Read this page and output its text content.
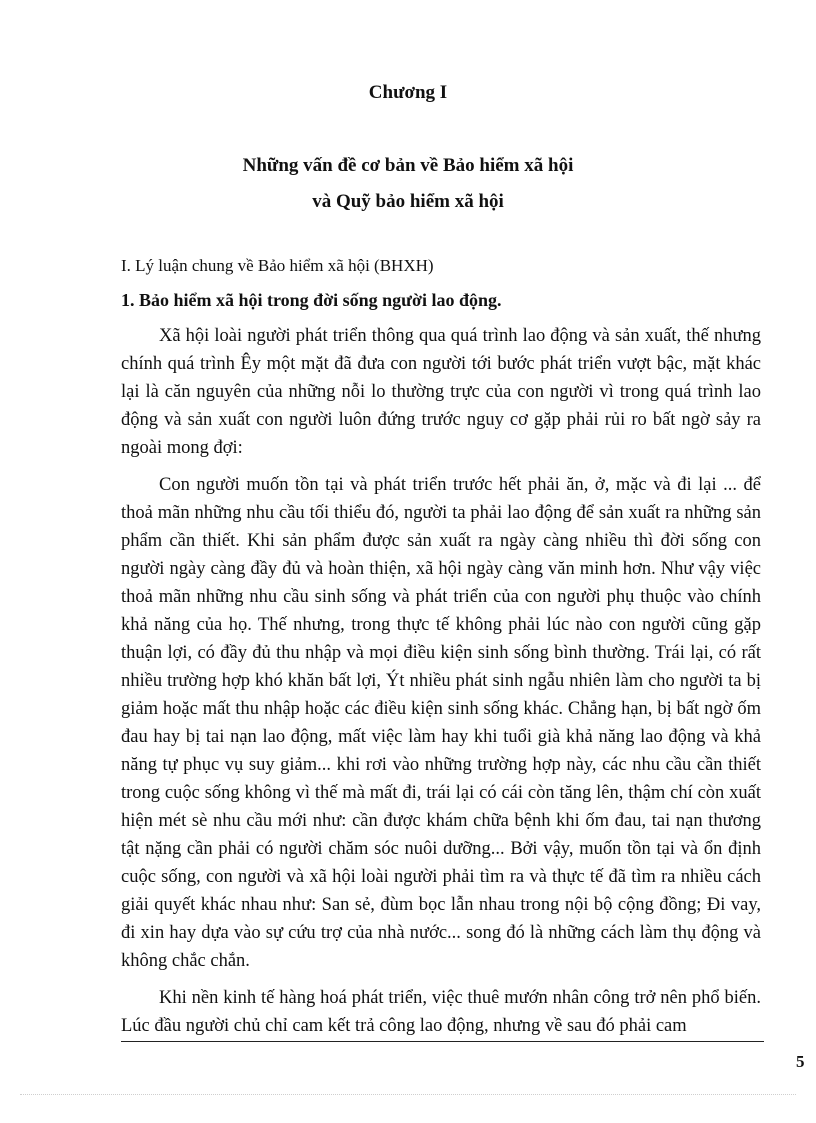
Chương I
Những vấn đề cơ bản về Bảo hiểm xã hội
và Quỹ bảo hiểm xã hội
I. Lý luận chung về Bảo hiểm xã hội (BHXH)
1. Bảo hiểm xã hội trong đời sống người lao động.

Xã hội loài người phát triển thông qua quá trình lao động và sản xuất, thế nhưng chính quá trình Êy một mặt đã đưa con người tới bước phát triển vượt bậc, mặt khác lại là căn nguyên của những nỗi lo thường trực của con người vì trong quá trình lao động và sản xuất con người luôn đứng trước nguy cơ gặp phải rủi ro bất ngờ sảy ra ngoài mong đợi:

Con người muốn tồn tại và phát triển trước hết phải ăn, ở, mặc và đi lại ... để thoả mãn những nhu cầu tối thiểu đó, người ta phải lao động để sản xuất ra những sản phẩm cần thiết. Khi sản phẩm được sản xuất ra ngày càng nhiều thì đời sống con người ngày càng đầy đủ và hoàn thiện, xã hội ngày càng văn minh hơn. Như vậy việc thoả mãn những nhu cầu sinh sống và phát triển của con người phụ thuộc vào chính khả năng của họ. Thế nhưng, trong thực tế không phải lúc nào con người cũng gặp thuận lợi, có đầy đủ thu nhập và mọi điều kiện sinh sống bình thường. Trái lại, có rất nhiều trường hợp khó khăn bất lợi, Ýt nhiều phát sinh ngẫu nhiên làm cho người ta bị giảm hoặc mất thu nhập hoặc các điều kiện sinh sống khác. Chẳng hạn, bị bất ngờ ốm đau hay bị tai nạn lao động, mất việc làm hay khi tuổi già khả năng lao động và khả năng tự phục vụ suy giảm... khi rơi vào những trường hợp này, các nhu cầu cần thiết trong cuộc sống không vì thế mà mất đi, trái lại có cái còn tăng lên, thậm chí còn xuất hiện mét sè nhu cầu mới như: cần được khám chữa bệnh khi ốm đau, tai nạn thương tật nặng cần phải có người chăm sóc nuôi dưỡng... Bởi vậy, muốn tồn tại và ổn định cuộc sống, con người và xã hội loài người phải tìm ra và thực tế đã tìm ra nhiều cách giải quyết khác nhau như: San sẻ, đùm bọc lẫn nhau trong nội bộ cộng đồng; Đi vay, đi xin hay dựa vào sự cứu trợ của nhà nước... song đó là những cách làm thụ động và không chắc chắn.

Khi nền kinh tế hàng hoá phát triển, việc thuê mướn nhân công trở nên phổ biến. Lúc đầu người chủ chỉ cam kết trả công lao động, nhưng về sau đó phải cam

5
